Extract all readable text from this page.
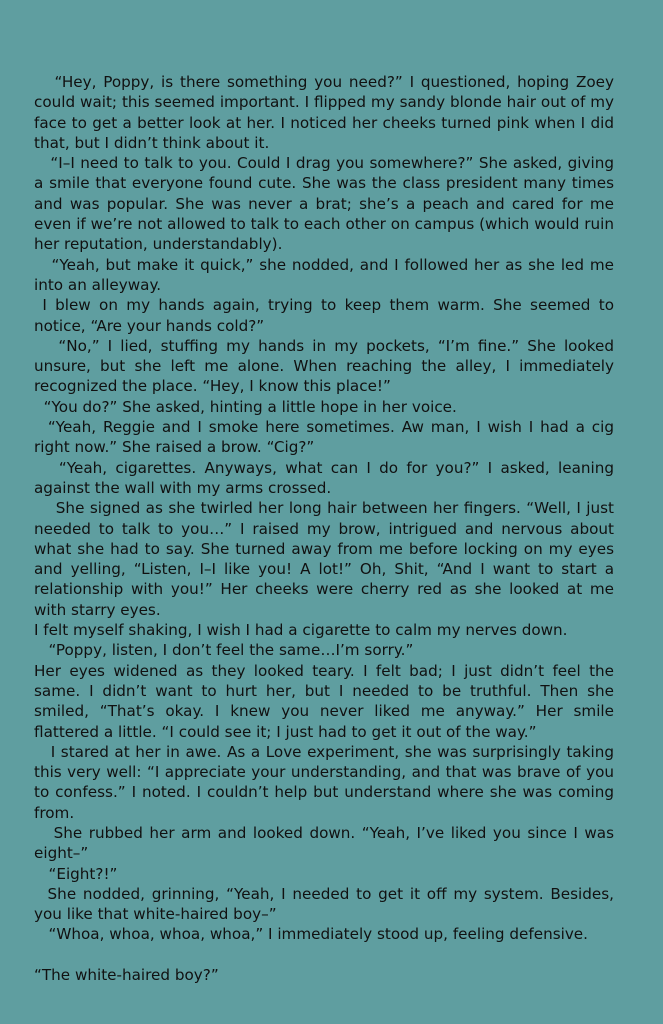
“Hey, Poppy, is there something you need?” I questioned, hoping Zoey could wait; this seemed important. I flipped my sandy blonde hair out of my face to get a better look at her. I noticed her cheeks turned pink when I did that, but I didn’t think about it.

“I–I need to talk to you. Could I drag you somewhere?” She asked, giving a smile that everyone found cute. She was the class president many times and was popular. She was never a brat; she’s a peach and cared for me even if we’re not allowed to talk to each other on campus (which would ruin her reputation, understandably).

“Yeah, but make it quick,” she nodded, and I followed her as she led me into an alleyway.

I blew on my hands again, trying to keep them warm. She seemed to notice, “Are your hands cold?”

“No,” I lied, stuffing my hands in my pockets, “I’m fine.” She looked unsure, but she left me alone. When reaching the alley, I immediately recognized the place. “Hey, I know this place!”

“You do?” She asked, hinting a little hope in her voice.

“Yeah, Reggie and I smoke here sometimes. Aw man, I wish I had a cig right now.” She raised a brow. “Cig?”

“Yeah, cigarettes. Anyways, what can I do for you?” I asked, leaning against the wall with my arms crossed.

She signed as she twirled her long hair between her fingers. “Well, I just needed to talk to you…” I raised my brow, intrigued and nervous about what she had to say. She turned away from me before locking on my eyes and yelling, “Listen, I–I like you! A lot!” Oh, Shit, “And I want to start a relationship with you!” Her cheeks were cherry red as she looked at me with starry eyes.

I felt myself shaking, I wish I had a cigarette to calm my nerves down.

“Poppy, listen, I don’t feel the same…I’m sorry.”

Her eyes widened as they looked teary. I felt bad; I just didn’t feel the same. I didn’t want to hurt her, but I needed to be truthful. Then she smiled, “That’s okay. I knew you never liked me anyway.” Her smile flattered a little. “I could see it; I just had to get it out of the way.”

I stared at her in awe. As a Love experiment, she was surprisingly taking this very well: “I appreciate your understanding, and that was brave of you to confess.” I noted. I couldn’t help but understand where she was coming from.

She rubbed her arm and looked down. “Yeah, I’ve liked you since I was eight–”

“Eight?!”

She nodded, grinning, “Yeah, I needed to get it off my system. Besides, you like that white-haired boy–”

“Whoa, whoa, whoa, whoa,” I immediately stood up, feeling defensive.

“The white-haired boy?”
